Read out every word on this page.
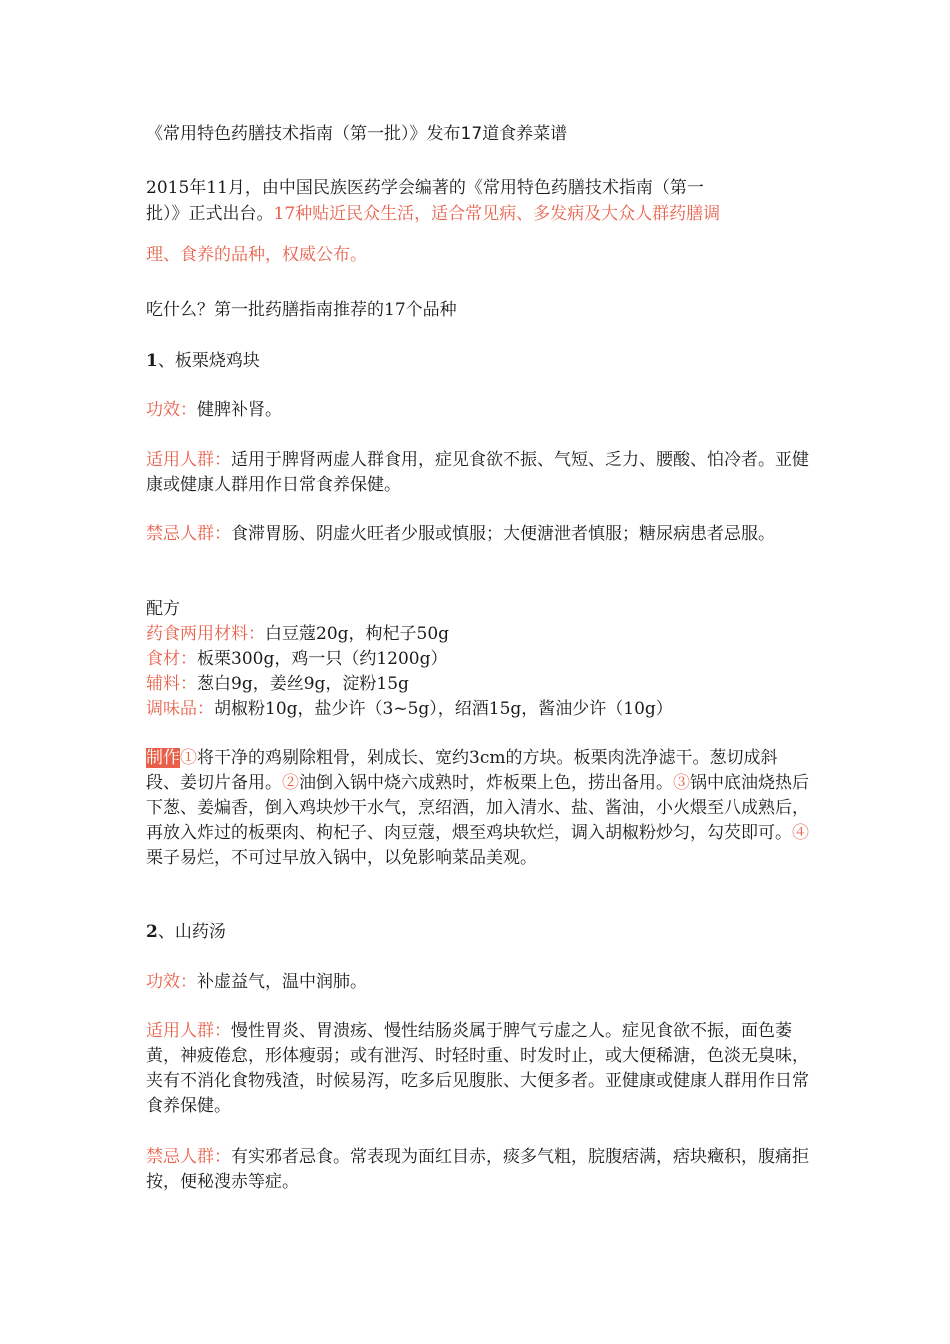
《常用特色药膳技术指南（第一批）》发布17道食养菜谱

2015年11月，由中国民族医药学会编著的《常用特色药膳技术指南（第一
批）》正式出台。17种贴近民众生活，适合常见病、多发病及大众人群药膳调
理、食养的品种，权威公布。

吃什么？第一批药膳指南推荐的17个品种

1、板栗烧鸡块

功效：健脾补肾。

适用人群：适用于脾肾两虚人群食用，症见食欲不振、气短、乏力、腰酸、怕冷者。亚健康或健康人群用作日常食养保健。

禁忌人群：食滞胃肠、阴虚火旺者少服或慎服；大便溏泄者慎服；糖尿病患者忌服。

配方
药食两用材料：白豆蔻20g，枸杞子50g
食材：板栗300g，鸡一只（约1200g）
辅料：葱白9g，姜丝9g，淀粉15g
调味品：胡椒粉10g，盐少许（3~5g），绍酒15g，酱油少许（10g）

制作①将干净的鸡剔除粗骨，剁成长、宽约3cm的方块。板栗肉洗净滤干。葱切成斜段、姜切片备用。②油倒入锅中烧六成熟时，炸板栗上色，捞出备用。③锅中底油烧热后下葱、姜煸香，倒入鸡块炒干水气，烹绍酒，加入清水、盐、酱油，小火煨至八成熟后，再放入炸过的板栗肉、枸杞子、肉豆蔻，煨至鸡块软烂，调入胡椒粉炒匀，勾芡即可。④栗子易烂，不可过早放入锅中，以免影响菜品美观。

2、山药汤

功效：补虚益气，温中润肺。

适用人群：慢性胃炎、胃溃疡、慢性结肠炎属于脾气亏虚之人。症见食欲不振，面色萎黄，神疲倦怠，形体瘦弱；或有泄泻、时轻时重、时发时止，或大便稀溏，色淡无臭味，夹有不消化食物残渣，时候易泻，吃多后见腹胀、大便多者。亚健康或健康人群用作日常食养保健。

禁忌人群：有实邪者忌食。常表现为面红目赤，痰多气粗，脘腹痞满，痞块癥积，腹痛拒按，便秘溲赤等症。
